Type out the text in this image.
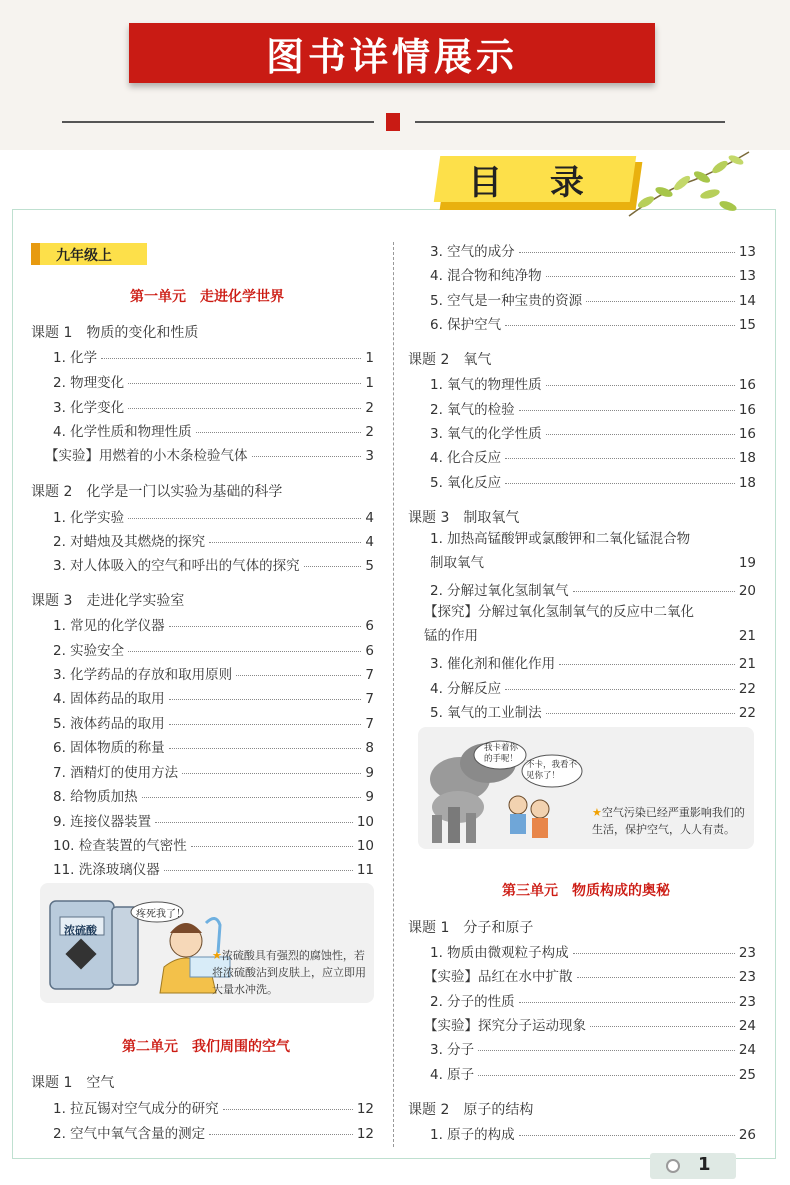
图书详情展示
目 录
九年级上
第一单元　走进化学世界
课题 1　物质的变化和性质
1. 化学	1
2. 物理变化	1
3. 化学变化	2
4. 化学性质和物理性质	2
【实验】用燃着的小木条检验气体	3
课题 2　化学是一门以实验为基础的科学
1. 化学实验	4
2. 对蜡烛及其燃烧的探究	4
3. 对人体吸入的空气和呼出的气体的探究	5
课题 3　走进化学实验室
1. 常见的化学仪器	6
2. 实验安全	6
3. 化学药品的存放和取用原则	7
4. 固体药品的取用	7
5. 液体药品的取用	7
6. 固体物质的称量	8
7. 酒精灯的使用方法	9
8. 给物质加热	9
9. 连接仪器装置	10
10. 检查装置的气密性	10
11. 洗涤玻璃仪器	11
浓硫酸
疼死我了！
★浓硫酸具有强烈的腐蚀性，若将浓硫酸沾到皮肤上，应立即用大量水冲洗。
第二单元　我们周围的空气
课题 1　空气
1. 拉瓦锡对空气成分的研究	12
2. 空气中氧气含量的测定	12
3. 空气的成分	13
4. 混合物和纯净物	13
5. 空气是一种宝贵的资源	14
6. 保护空气	15
课题 2　氧气
1. 氧气的物理性质	16
2. 氧气的检验	16
3. 氧气的化学性质	16
4. 化合反应	18
5. 氧化反应	18
课题 3　制取氧气
1. 加热高锰酸钾或氯酸钾和二氧化锰混合物制取氧气	19
2. 分解过氧化氢制氧气	20
【探究】分解过氧化氢制氧气的反应中二氧化锰的作用	21
3. 催化剂和催化作用	21
4. 分解反应	22
5. 氧气的工业制法	22
我卡着你的手呢！
不卡，我看不见你了！
★空气污染已经严重影响我们的生活，保护空气，人人有责。
第三单元　物质构成的奥秘
课题 1　分子和原子
1. 物质由微观粒子构成	23
【实验】品红在水中扩散	23
2. 分子的性质	23
【实验】探究分子运动现象	24
3. 分子	24
4. 原子	25
课题 2　原子的结构
1. 原子的构成	26
1
